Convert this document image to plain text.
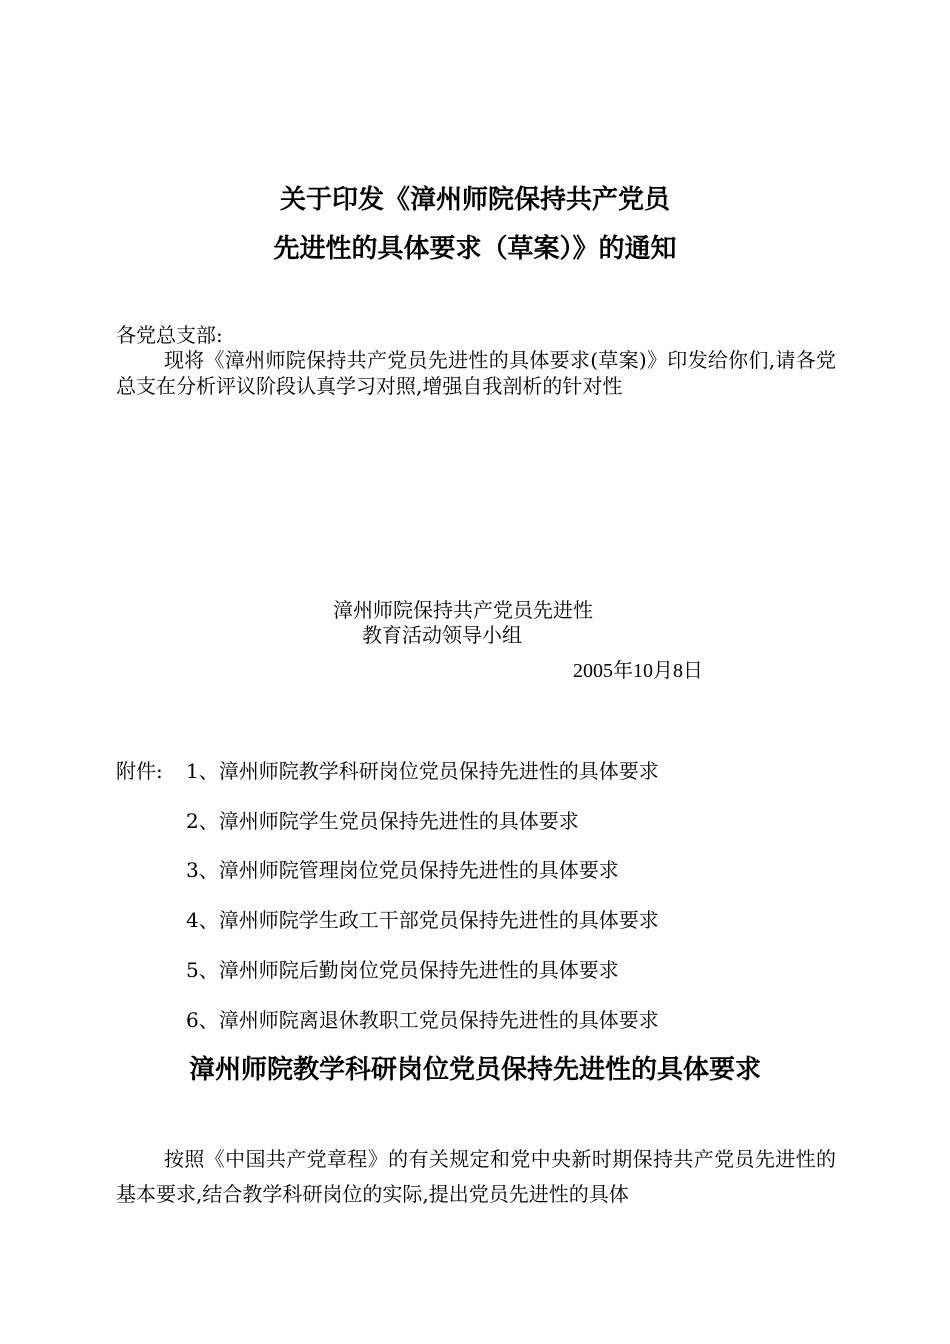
关于印发《漳州师院保持共产党员
先进性的具体要求（草案）》的通知
各党总支部:
现将《漳州师院保持共产党员先进性的具体要求(草案)》印发给你们,请各党总支在分析评议阶段认真学习对照,增强自我剖析的针对性
漳州师院保持共产党员先进性
教育活动领导小组
2005年10月8日
附件: 1、漳州师院教学科研岗位党员保持先进性的具体要求
2、漳州师院学生党员保持先进性的具体要求
3、漳州师院管理岗位党员保持先进性的具体要求
4、漳州师院学生政工干部党员保持先进性的具体要求
5、漳州师院后勤岗位党员保持先进性的具体要求
6、漳州师院离退休教职工党员保持先进性的具体要求
漳州师院教学科研岗位党员保持先进性的具体要求
按照《中国共产党章程》的有关规定和党中央新时期保持共产党员先进性的基本要求,结合教学科研岗位的实际,提出党员先进性的具体
